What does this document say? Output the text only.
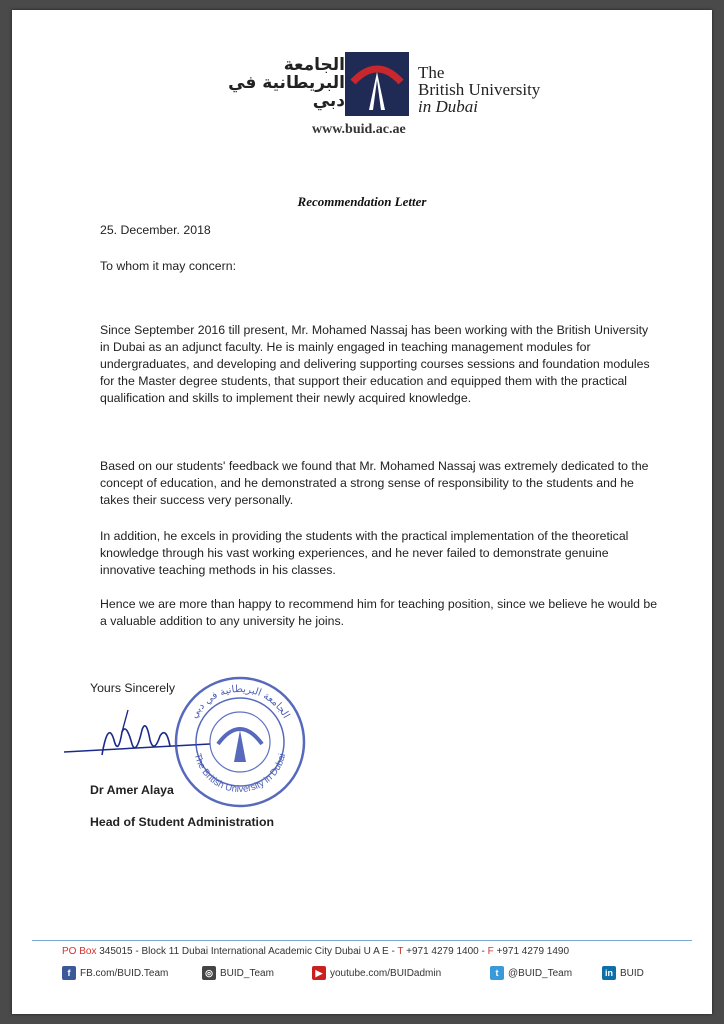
الجامعة
البريطانية في
دبي
The
British University
in Dubai
www.buid.ac.ae
Recommendation Letter
25. December. 2018
To whom it may concern:
Since September 2016 till present, Mr. Mohamed Nassaj has been working with the British University in Dubai as an adjunct faculty. He is mainly engaged in teaching management modules for undergraduates, and developing and delivering supporting courses sessions and foundation modules for the Master degree students, that support their education and equipped them with the practical qualification and skills to implement their newly acquired knowledge.
Based on our students' feedback we found that Mr. Mohamed Nassaj was extremely dedicated to the concept of education, and he demonstrated a strong sense of responsibility to the students and he takes their success very personally.
In addition, he excels in providing the students with the practical implementation of the theoretical knowledge through his vast working experiences, and he never failed to demonstrate genuine innovative teaching methods in his classes.
Hence we are more than happy to recommend him for teaching position, since we believe he would be a valuable addition to any university he joins.
Yours Sincerely
الجامعة البريطانية في دبي
The British University in Dubai
Dr Amer Alaya
Head of Student Administration
PO Box 345015 - Block 11 Dubai International Academic City Dubai U A E - T +971 4279 1400 - F +971 4279 1490
f FB.com/BUID.Team	◎ BUID_Team	▶ youtube.com/BUIDadmin	t @BUID_Team	in BUID
